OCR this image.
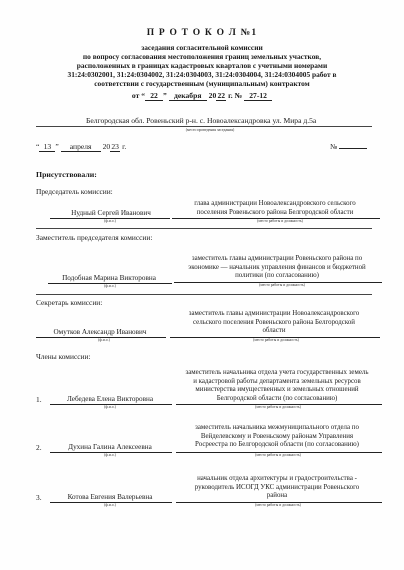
П Р О Т О К О Л №1
заседания согласительной комиссии
по вопросу согласования местоположения границ земельных участков,
расположенных в границах кадастровых кварталов с учетными номерами
31:24:0302001, 31:24:0304002, 31:24:0304003, 31:24:0304004, 31:24:0304005 работ в
соответствии с государственным (муниципальным) контрактом
от “ 22 ” декабря 2022 г. № 27-12
Белгородская обл. Ровеньский р-н. с. Новоалександровка ул. Мира д.5а
(место проведения заседания)
“ 13 ” апреля 2023 г.	№
Присутствовали:
Председатель комиссии:
глава администрации Новоалександровского сельского
поселения Ровеньского района Белгородской области
(место работы и должность)
Нудный Сергей Иванович
(ф.и.о.)
Заместитель председателя комиссии:
заместитель главы администрации Ровеньского района по
экономике — начальник управления финансов и бюджетной
политики (по согласованию)
(место работы и должность)
Подобная Марина Викторовна
(ф.и.о.)
Секретарь комиссии:
заместитель главы администрации Новоалександровского
сельского поселения Ровеньского района Белгородской
области
(место работы и должность)
Омутков Александр Иванович
(ф.и.о.)
Члены комиссии:
заместитель начальника отдела учета государственных земель
и кадастровой работы департамента земельных ресурсов
министерства имущественных и земельных отношений
Белгородской области (по согласованию)
(место работы и должность)
1.	Лебедева Елена Викторовна
(ф.и.о.)
заместитель начальника межмуниципального отдела по
Вейделевскому и Ровеньскому районам Управления
Росреестра по Белгородской области (по согласованию)
(место работы и должность)
2.	Духина Галина Алексеевна
(ф.и.о.)
начальник отдела архитектуры и градостроительства -
руководитель ИСОГД УКС администрации Ровеньского
района
(место работы и должность)
3.	Котова Евгения Валерьевна
(ф.и.о.)
